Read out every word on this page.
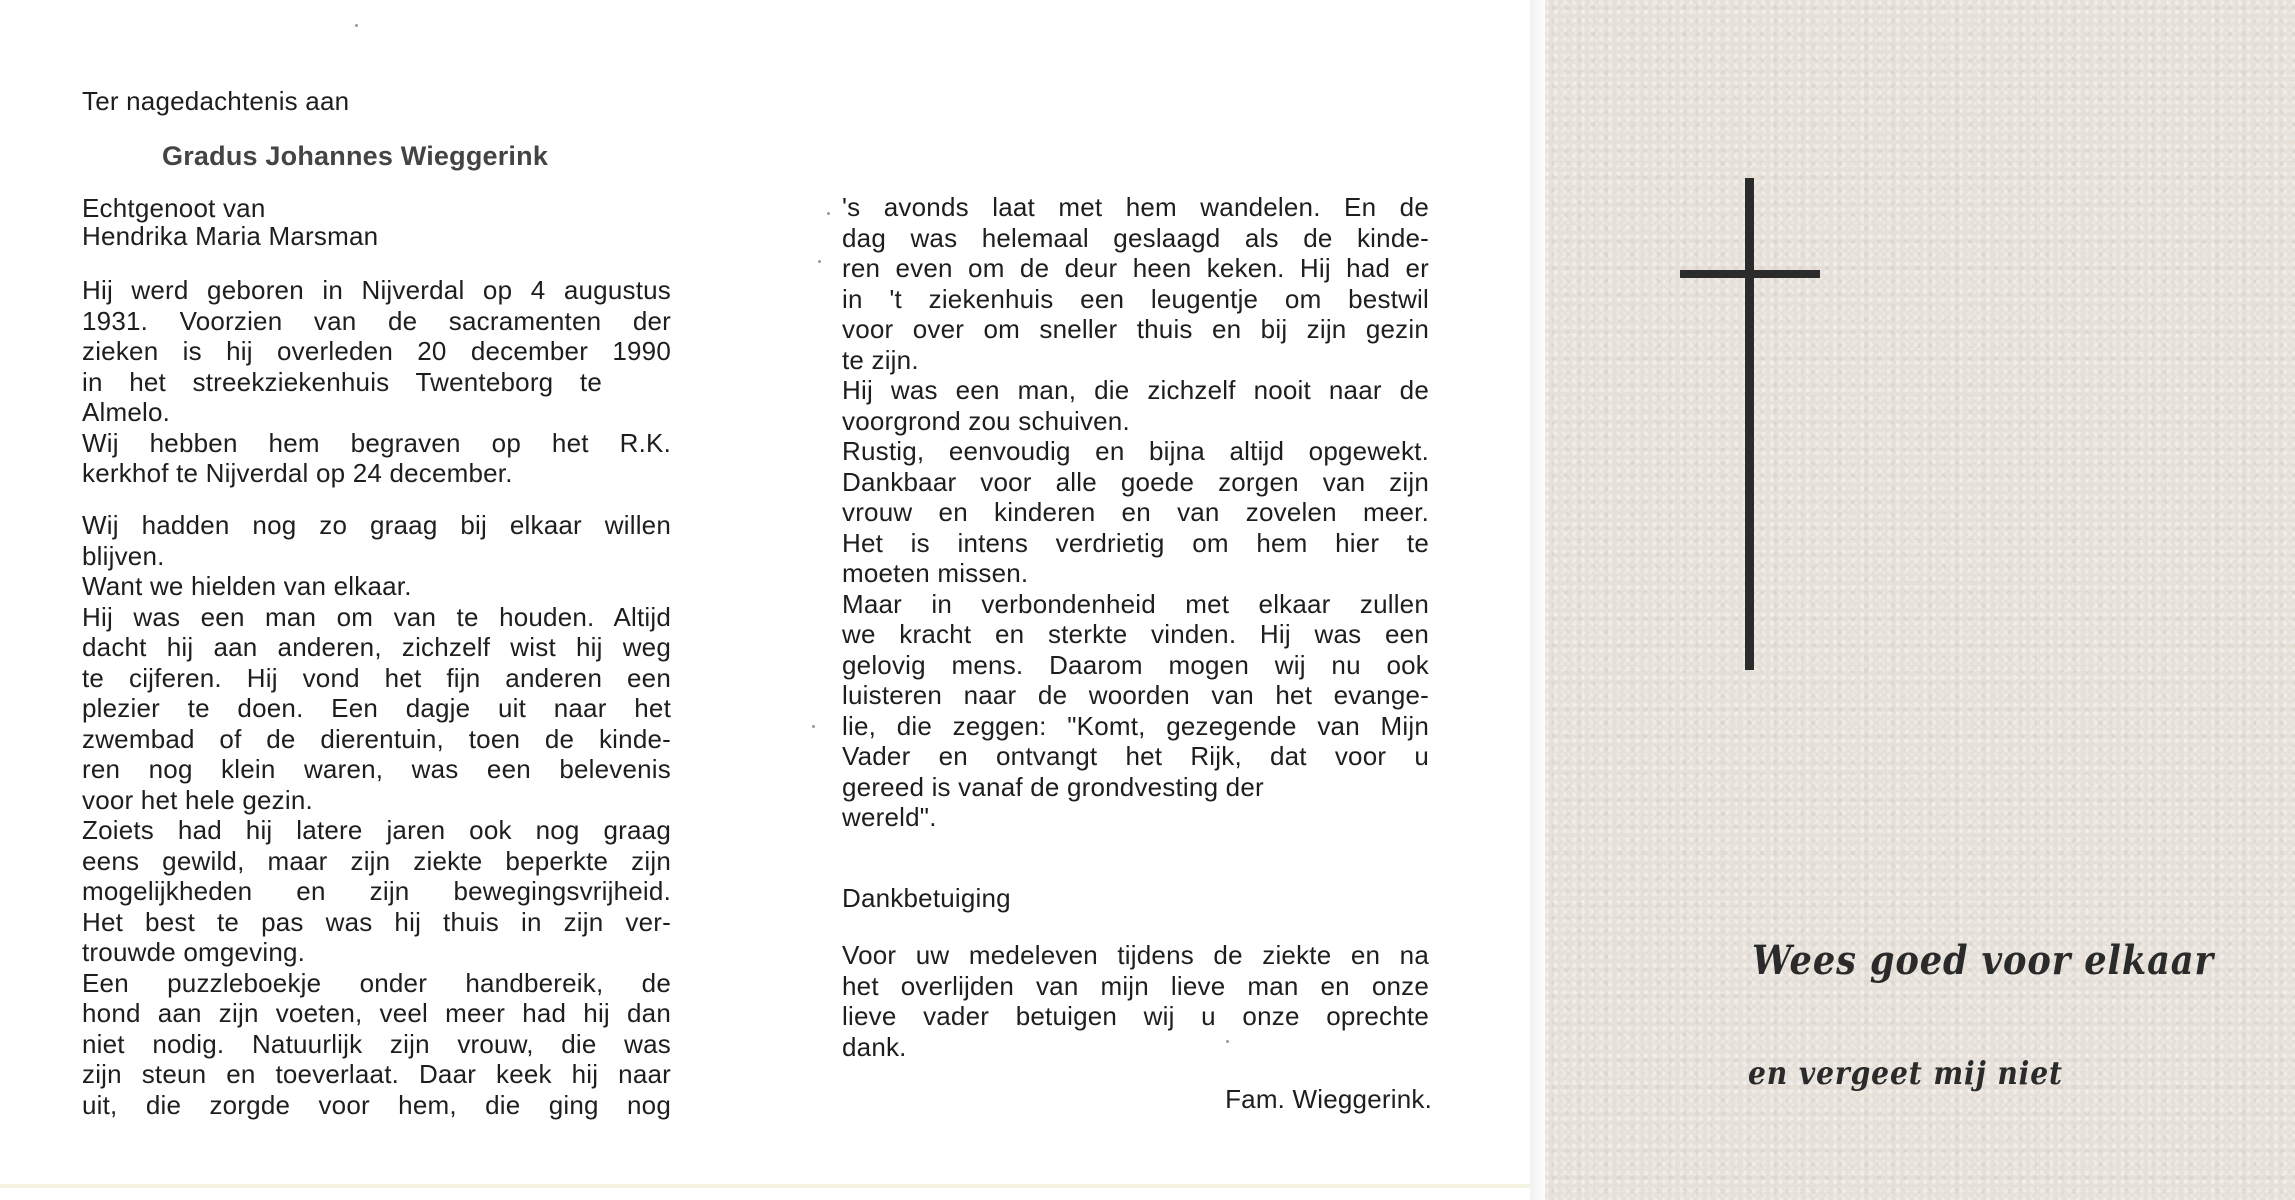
Ter nagedachtenis aan
Gradus Johannes Wieggerink
Echtgenoot van
Hendrika Maria Marsman
Hij werd geboren in Nijverdal op 4 augustus
1931. Voorzien van de sacramenten der
zieken is hij overleden 20 december 1990
in het streekziekenhuis Twenteborg te
Almelo.
Wij hebben hem begraven op het R.K.
kerkhof te Nijverdal op 24 december.
Wij hadden nog zo graag bij elkaar willen
blijven.
Want we hielden van elkaar.
Hij was een man om van te houden. Altijd
dacht hij aan anderen, zichzelf wist hij weg
te cijferen. Hij vond het fijn anderen een
plezier te doen. Een dagje uit naar het
zwembad of de dierentuin, toen de kinde-
ren nog klein waren, was een belevenis
voor het hele gezin.
Zoiets had hij latere jaren ook nog graag
eens gewild, maar zijn ziekte beperkte zijn
mogelijkheden en zijn bewegingsvrijheid.
Het best te pas was hij thuis in zijn ver-
trouwde omgeving.
Een puzzleboekje onder handbereik, de
hond aan zijn voeten, veel meer had hij dan
niet nodig. Natuurlijk zijn vrouw, die was
zijn steun en toeverlaat. Daar keek hij naar
uit, die zorgde voor hem, die ging nog
's avonds laat met hem wandelen. En de
dag was helemaal geslaagd als de kinde-
ren even om de deur heen keken. Hij had er
in 't ziekenhuis een leugentje om bestwil
voor over om sneller thuis en bij zijn gezin
te zijn.
Hij was een man, die zichzelf nooit naar de
voorgrond zou schuiven.
Rustig, eenvoudig en bijna altijd opgewekt.
Dankbaar voor alle goede zorgen van zijn
vrouw en kinderen en van zovelen meer.
Het is intens verdrietig om hem hier te
moeten missen.
Maar in verbondenheid met elkaar zullen
we kracht en sterkte vinden. Hij was een
gelovig mens. Daarom mogen wij nu ook
luisteren naar de woorden van het evange-
lie, die zeggen: "Komt, gezegende van Mijn
Vader en ontvangt het Rijk, dat voor u
gereed is vanaf de grondvesting der
wereld".
Dankbetuiging
Voor uw medeleven tijdens de ziekte en na
het overlijden van mijn lieve man en onze
lieve vader betuigen wij u onze oprechte
dank.
Fam. Wieggerink.
Wees goed voor elkaar
en vergeet mij niet
